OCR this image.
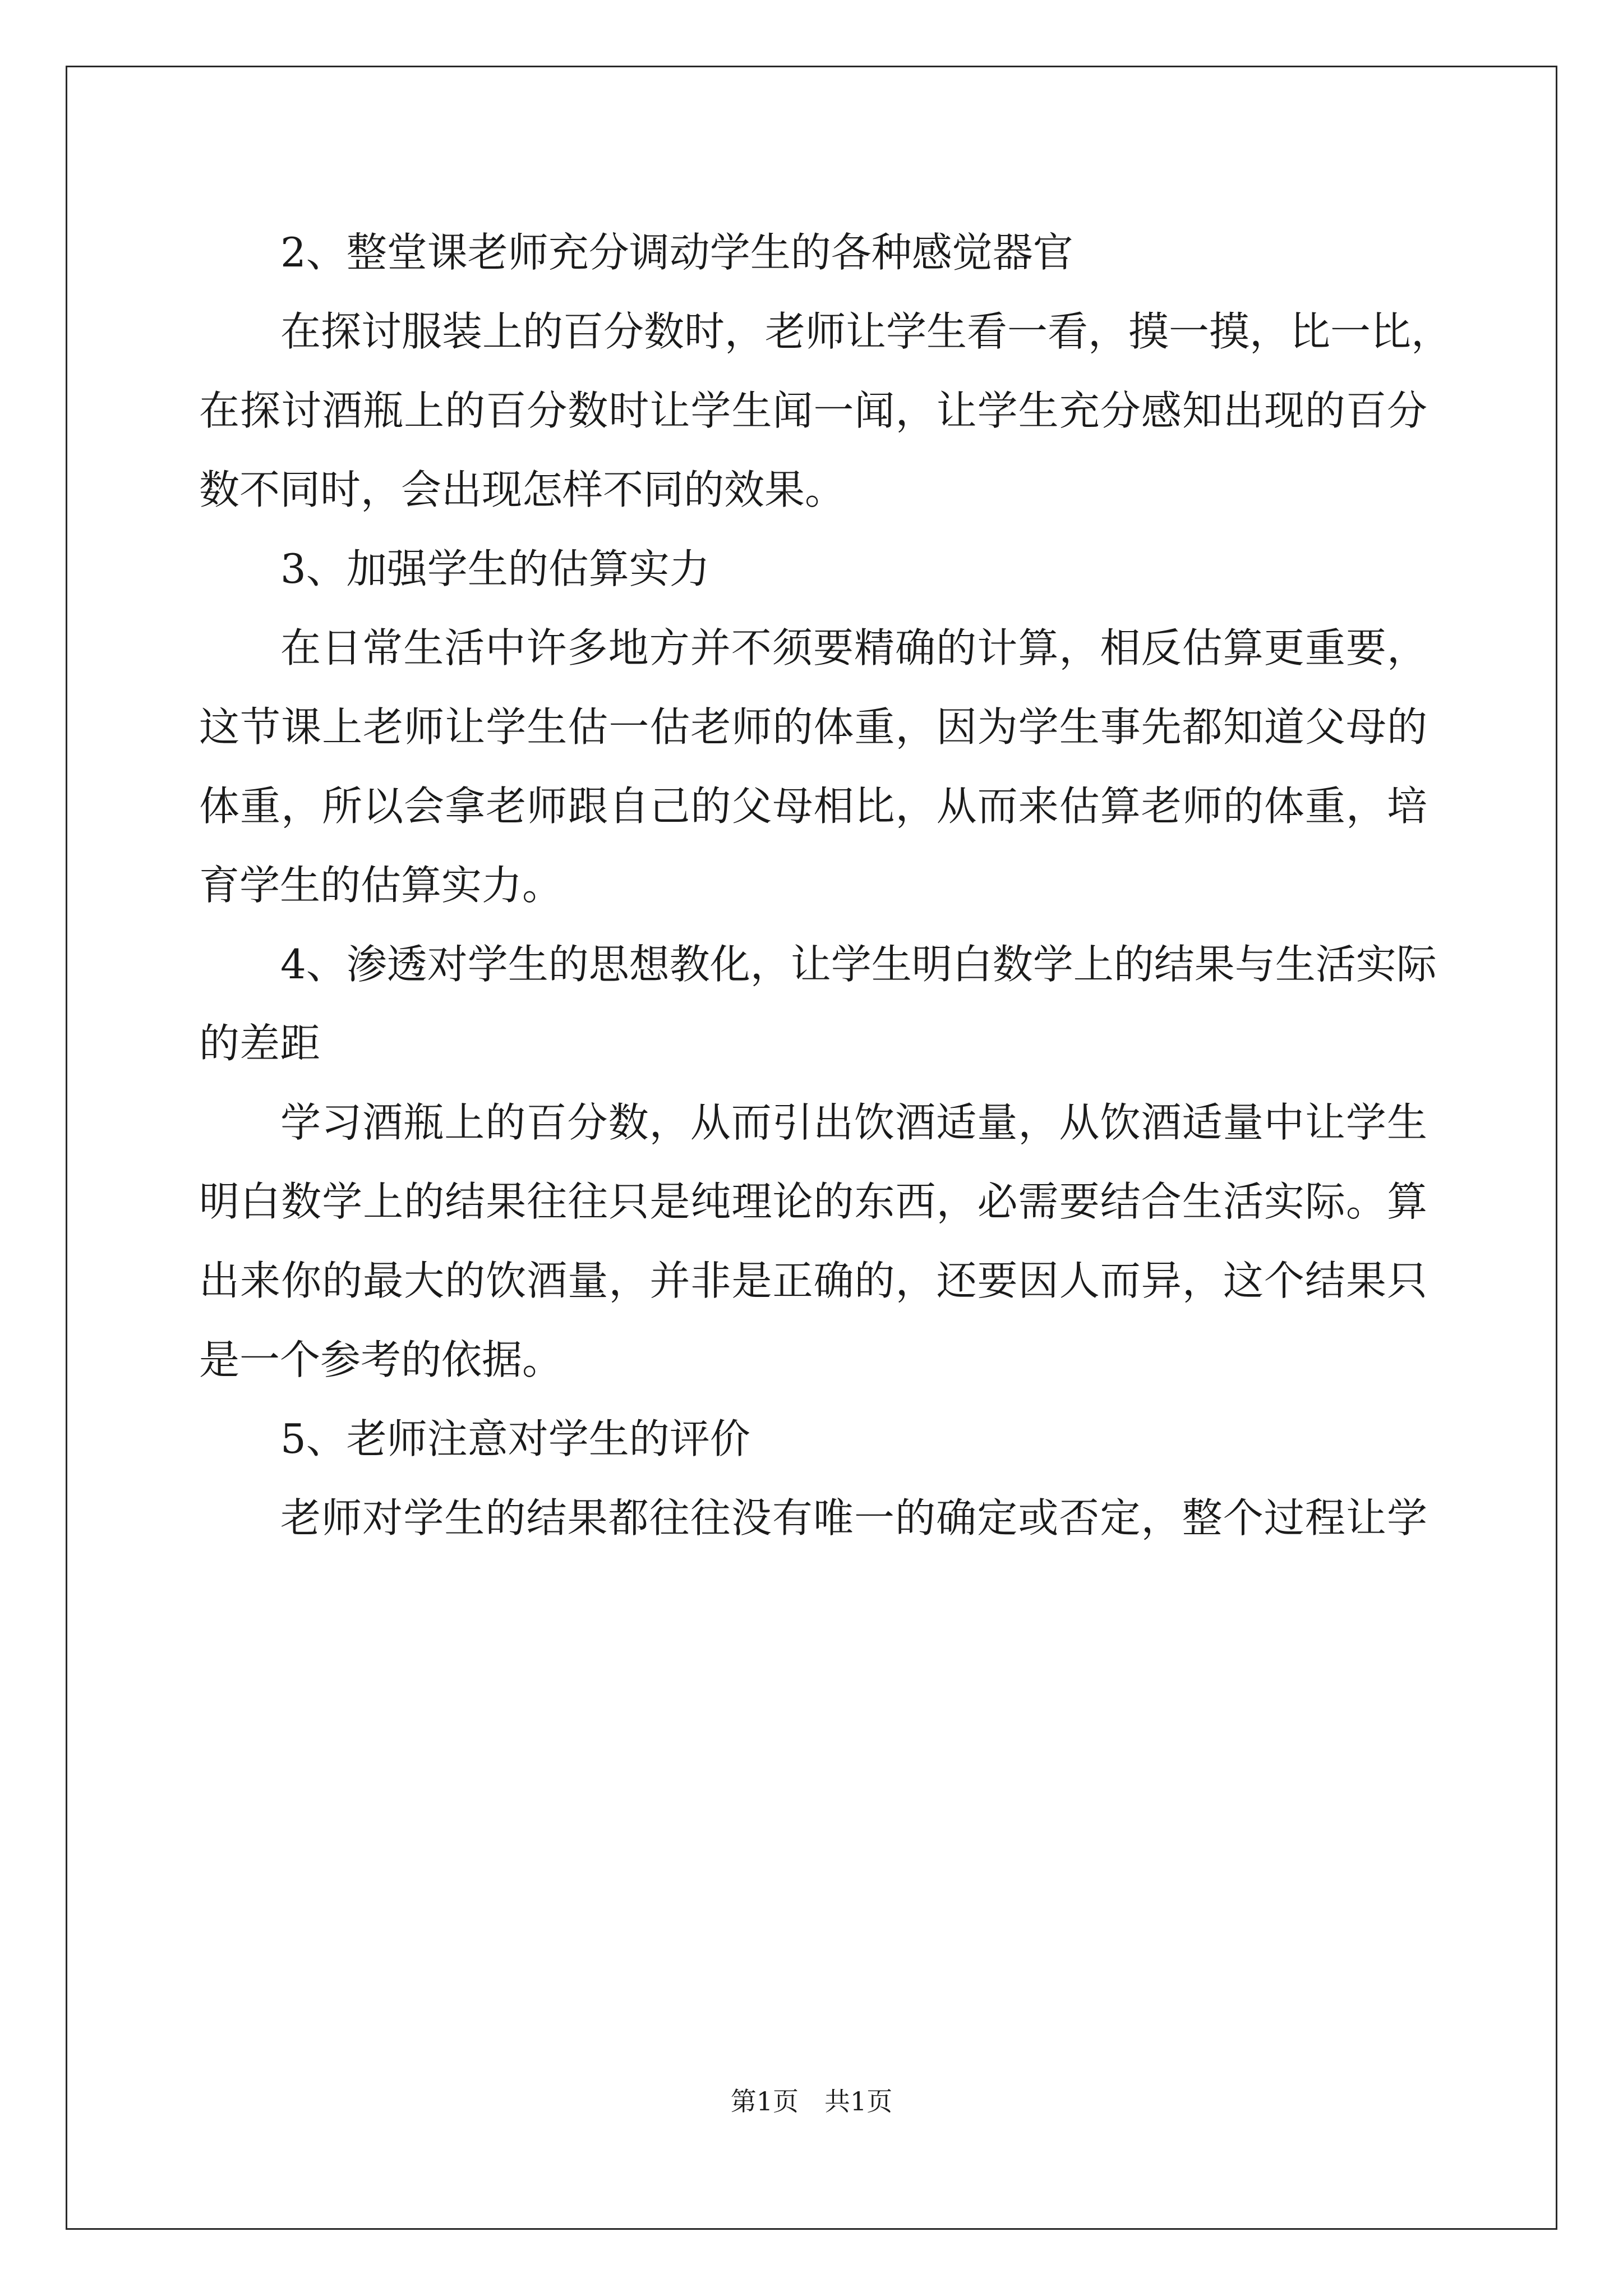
2、整堂课老师充分调动学生的各种感觉器官
在探讨服装上的百分数时，老师让学生看一看，摸一摸，比一比，
在探讨酒瓶上的百分数时让学生闻一闻，让学生充分感知出现的百分
数不同时，会出现怎样不同的效果。
3、加强学生的估算实力
在日常生活中许多地方并不须要精确的计算，相反估算更重要，
这节课上老师让学生估一估老师的体重，因为学生事先都知道父母的
体重，所以会拿老师跟自己的父母相比，从而来估算老师的体重，培
育学生的估算实力。
4、渗透对学生的思想教化，让学生明白数学上的结果与生活实际
的差距
学习酒瓶上的百分数，从而引出饮酒适量，从饮酒适量中让学生
明白数学上的结果往往只是纯理论的东西，必需要结合生活实际。算
出来你的最大的饮酒量，并非是正确的，还要因人而异，这个结果只
是一个参考的依据。
5、老师注意对学生的评价
老师对学生的结果都往往没有唯一的确定或否定，整个过程让学
第1页　共1页
